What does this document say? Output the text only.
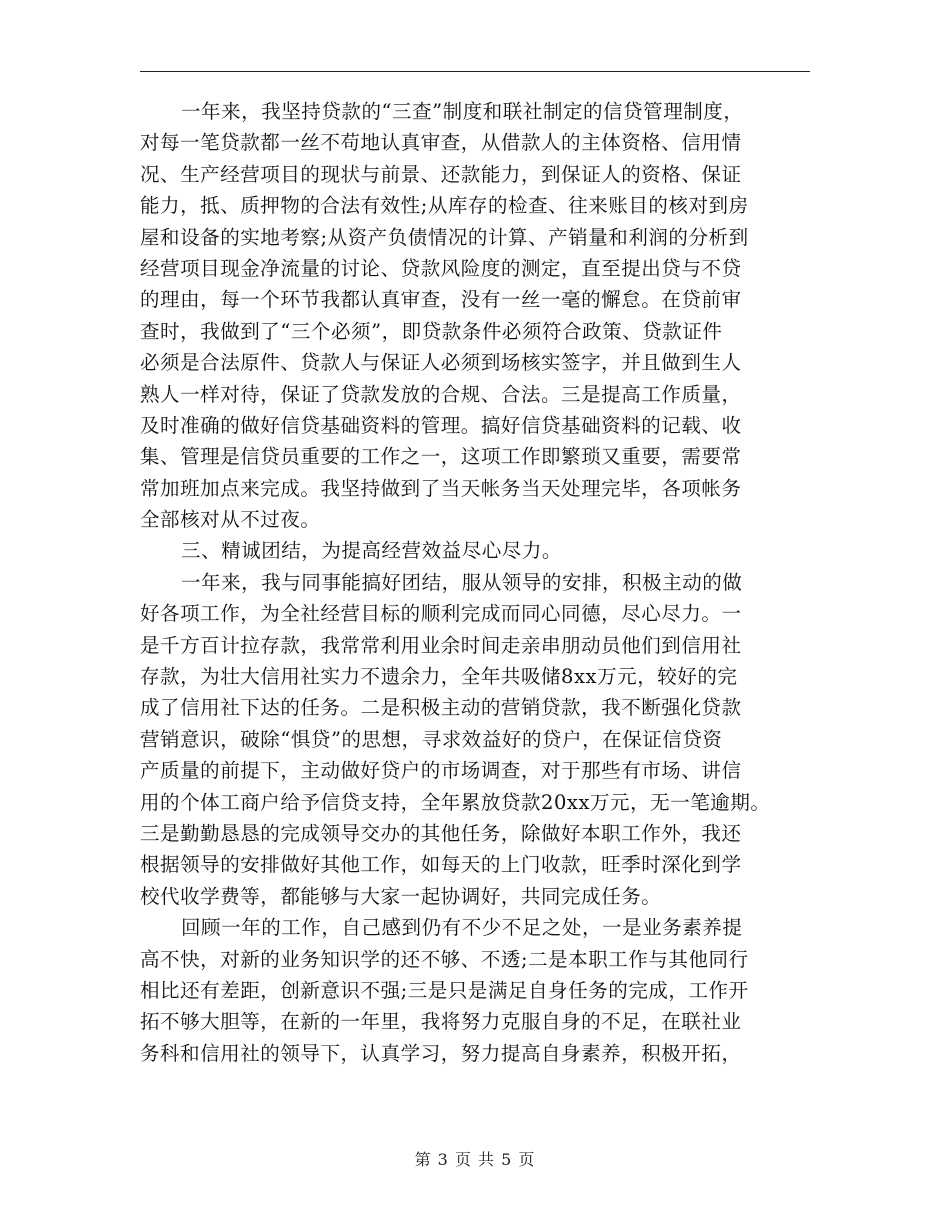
一年来，我坚持贷款的“三查”制度和联社制定的信贷管理制度，
对每一笔贷款都一丝不苟地认真审查，从借款人的主体资格、信用情
况、生产经营项目的现状与前景、还款能力，到保证人的资格、保证
能力，抵、质押物的合法有效性;从库存的检查、往来账目的核对到房
屋和设备的实地考察;从资产负债情况的计算、产销量和利润的分析到
经营项目现金净流量的讨论、贷款风险度的测定，直至提出贷与不贷
的理由，每一个环节我都认真审查，没有一丝一毫的懈怠。在贷前审
查时，我做到了“三个必须”，即贷款条件必须符合政策、贷款证件
必须是合法原件、贷款人与保证人必须到场核实签字，并且做到生人
熟人一样对待，保证了贷款发放的合规、合法。三是提高工作质量，
及时准确的做好信贷基础资料的管理。搞好信贷基础资料的记载、收
集、管理是信贷员重要的工作之一，这项工作即繁琐又重要，需要常
常加班加点来完成。我坚持做到了当天帐务当天处理完毕，各项帐务
全部核对从不过夜。
三、精诚团结，为提高经营效益尽心尽力。
一年来，我与同事能搞好团结，服从领导的安排，积极主动的做
好各项工作，为全社经营目标的顺利完成而同心同德，尽心尽力。一
是千方百计拉存款，我常常利用业余时间走亲串朋动员他们到信用社
存款，为壮大信用社实力不遗余力，全年共吸储8xx万元，较好的完
成了信用社下达的任务。二是积极主动的营销贷款，我不断强化贷款
营销意识，破除“惧贷”的思想，寻求效益好的贷户，在保证信贷资
产质量的前提下，主动做好贷户的市场调查，对于那些有市场、讲信
用的个体工商户给予信贷支持，全年累放贷款20xx万元，无一笔逾期。
三是勤勤恳恳的完成领导交办的其他任务，除做好本职工作外，我还
根据领导的安排做好其他工作，如每天的上门收款，旺季时深化到学
校代收学费等，都能够与大家一起协调好，共同完成任务。
回顾一年的工作，自己感到仍有不少不足之处，一是业务素养提
高不快，对新的业务知识学的还不够、不透;二是本职工作与其他同行
相比还有差距，创新意识不强;三是只是满足自身任务的完成，工作开
拓不够大胆等，在新的一年里，我将努力克服自身的不足，在联社业
务科和信用社的领导下，认真学习，努力提高自身素养，积极开拓，
第 3 页 共 5 页
